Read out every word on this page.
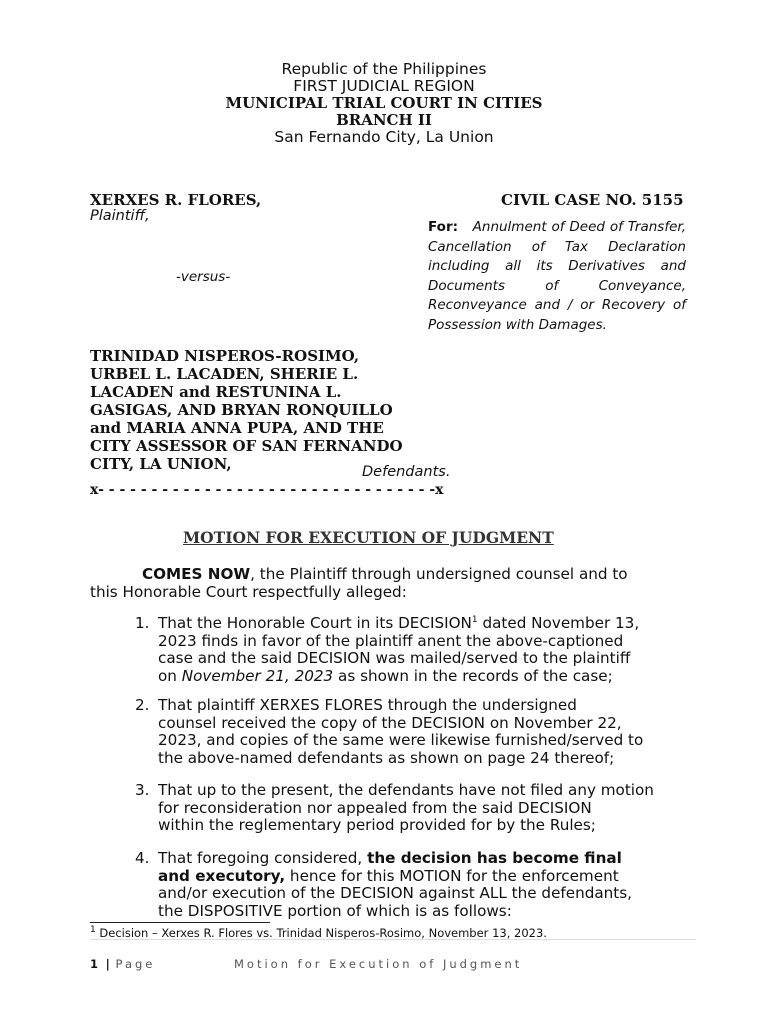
Republic of the Philippines
FIRST JUDICIAL REGION
MUNICIPAL TRIAL COURT IN CITIES
BRANCH II
San Fernando City, La Union
XERXES R. FLORES,
Plaintiff,
CIVIL CASE NO. 5155
For: Annulment of Deed of Transfer, Cancellation of Tax Declaration including all its Derivatives and Documents of Conveyance, Reconveyance and / or Recovery of Possession with Damages.
-versus-
TRINIDAD NISPEROS-ROSIMO,
URBEL L. LACADEN, SHERIE L.
LACADEN and RESTUNINA L.
GASIGAS, AND BRYAN RONQUILLO
and MARIA ANNA PUPA, AND THE
CITY ASSESSOR OF SAN FERNANDO
CITY, LA UNION,	Defendants.
x- - - - - - - - - - - - - - - - - - - - - - - - - - - - - - - -x
MOTION FOR EXECUTION OF JUDGMENT
COMES NOW, the Plaintiff through undersigned counsel and to
this Honorable Court respectfully alleged:
1. That the Honorable Court in its DECISION$^1$ dated November 13,
2023 finds in favor of the plaintiff anent the above-captioned
case and the said DECISION was mailed/served to the plaintiff
on November 21, 2023 as shown in the records of the case;
2. That plaintiff XERXES FLORES through the undersigned
counsel received the copy of the DECISION on November 22,
2023, and copies of the same were likewise furnished/served to
the above-named defendants as shown on page 24 thereof;
3. That up to the present, the defendants have not filed any motion
for reconsideration nor appealed from the said DECISION
within the reglementary period provided for by the Rules;
4. That foregoing considered, the decision has become final
and executory, hence for this MOTION for the enforcement
and/or execution of the DECISION against ALL the defendants,
the DISPOSITIVE portion of which is as follows:
$^1$ Decision – Xerxes R. Flores vs. Trinidad Nisperos-Rosimo, November 13, 2023.
1 | Page	Motion for Execution of Judgment
